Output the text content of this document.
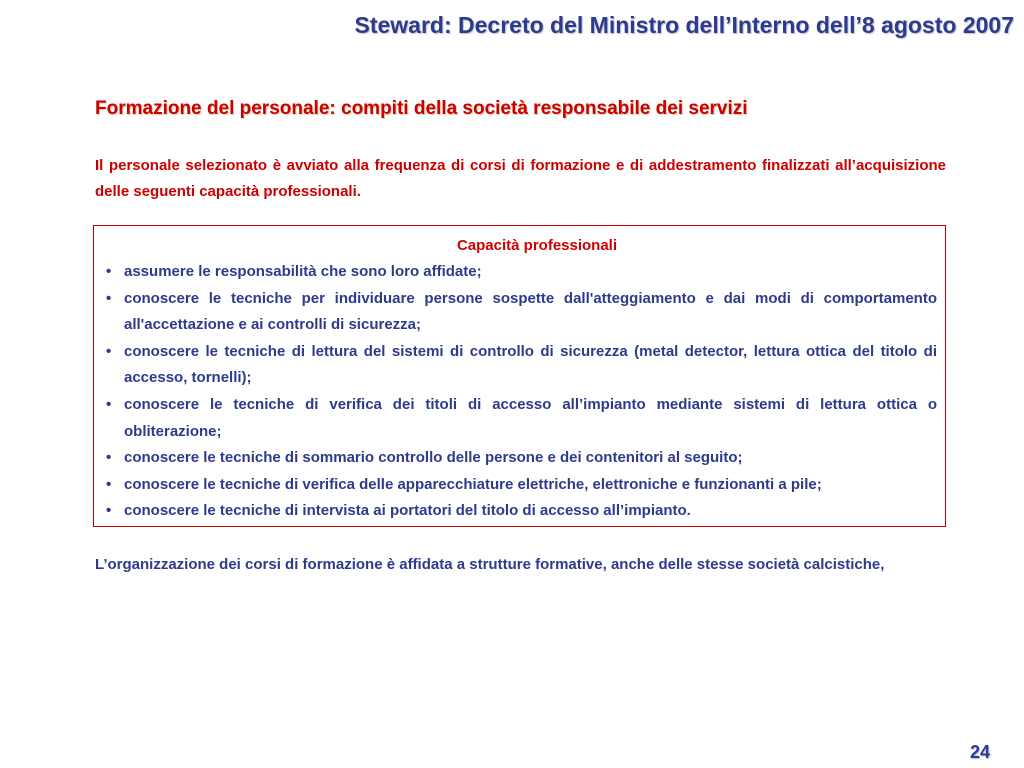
Steward: Decreto del Ministro dell’Interno dell’8 agosto 2007
Formazione del personale: compiti della società responsabile dei servizi
Il personale selezionato è avviato alla frequenza di corsi di formazione e di addestramento finalizzati all’acquisizione delle seguenti capacità professionali.
Capacità professionali
• assumere le responsabilità che sono loro affidate;
• conoscere le tecniche per individuare persone sospette dall'atteggiamento e dai modi di comportamento all'accettazione e ai controlli di sicurezza;
• conoscere le tecniche di lettura del sistemi di controllo di sicurezza (metal detector, lettura ottica del titolo di accesso, tornelli);
• conoscere le tecniche di verifica dei titoli di accesso all’impianto mediante sistemi di lettura ottica o obliterazione;
• conoscere le tecniche di sommario controllo delle persone e dei contenitori al seguito;
• conoscere le tecniche di verifica delle apparecchiature elettriche, elettroniche e funzionanti a pile;
• conoscere le tecniche di intervista ai portatori del titolo di accesso all’impianto.
L’organizzazione dei corsi di formazione è affidata a strutture formative, anche delle stesse società calcistiche,
24
